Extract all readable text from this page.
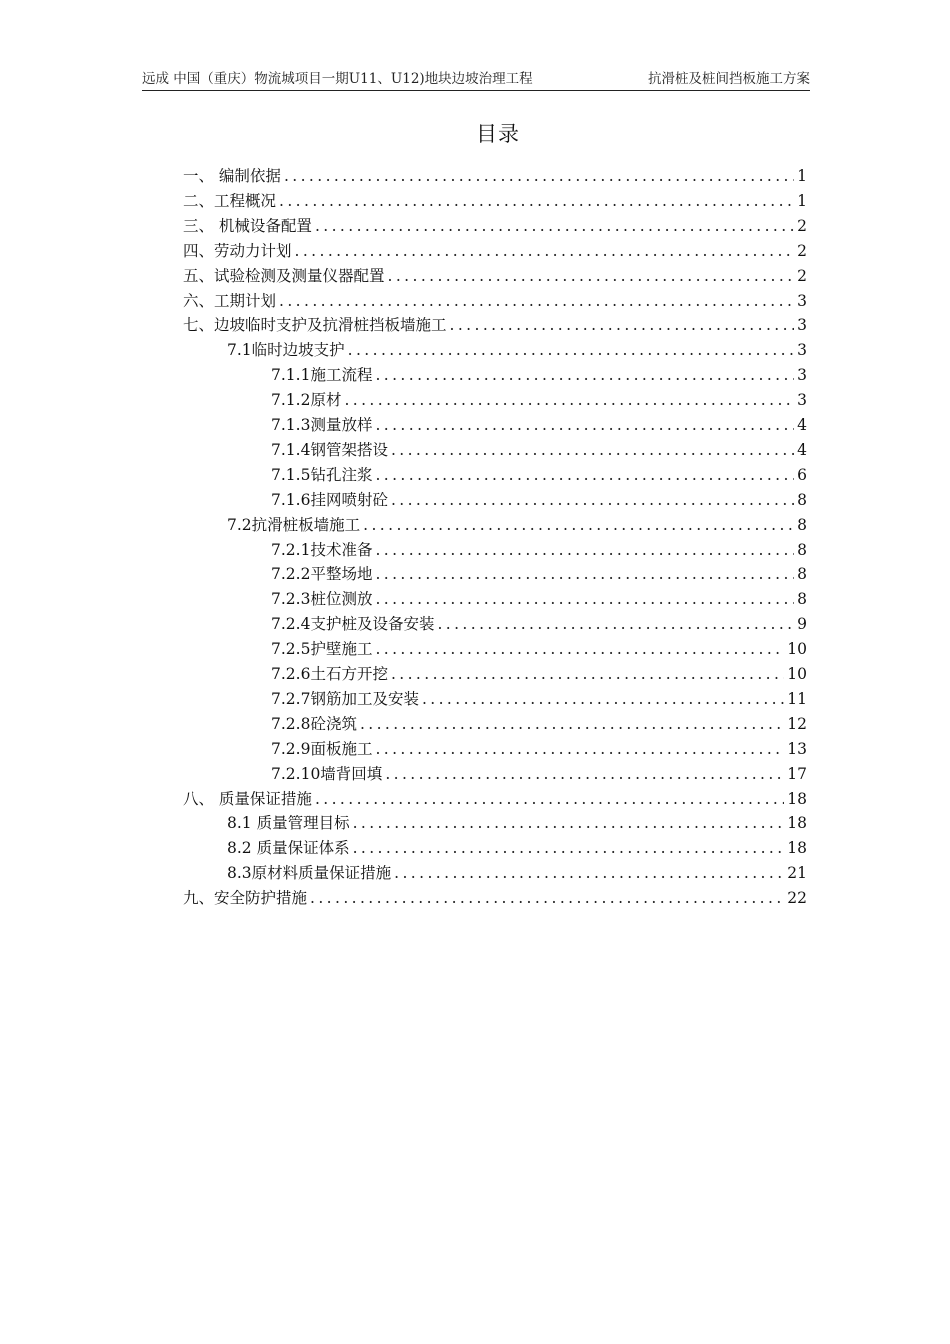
远成 中国（重庆）物流城项目一期U11、U12)地块边坡治理工程	抗滑桩及桩间挡板施工方案
目录
一、 编制依据 .....	1
二、工程概况 .....	1
三、 机械设备配置 .....	2
四、劳动力计划 .....	2
五、试验检测及测量仪器配置 .....	2
六、工期计划 .....	3
七、边坡临时支护及抗滑桩挡板墙施工 .....	3
7.1临时边坡支护 .....	3
7.1.1施工流程 .....	3
7.1.2原材 .....	3
7.1.3测量放样 .....	4
7.1.4钢管架搭设 .....	4
7.1.5钻孔注浆 .....	6
7.1.6挂网喷射砼 .....	8
7.2抗滑桩板墙施工 .....	8
7.2.1技术准备 .....	8
7.2.2平整场地 .....	8
7.2.3桩位测放 .....	8
7.2.4支护桩及设备安装 .....	9
7.2.5护壁施工 .....	10
7.2.6土石方开挖 .....	10
7.2.7钢筋加工及安装 .....	11
7.2.8砼浇筑 .....	12
7.2.9面板施工 .....	13
7.2.10墙背回填 .....	17
八、 质量保证措施 .....	18
8.1 质量管理目标 .....	18
8.2 质量保证体系 .....	18
8.3原材料质量保证措施 .....	21
九、安全防护措施 .....	22
